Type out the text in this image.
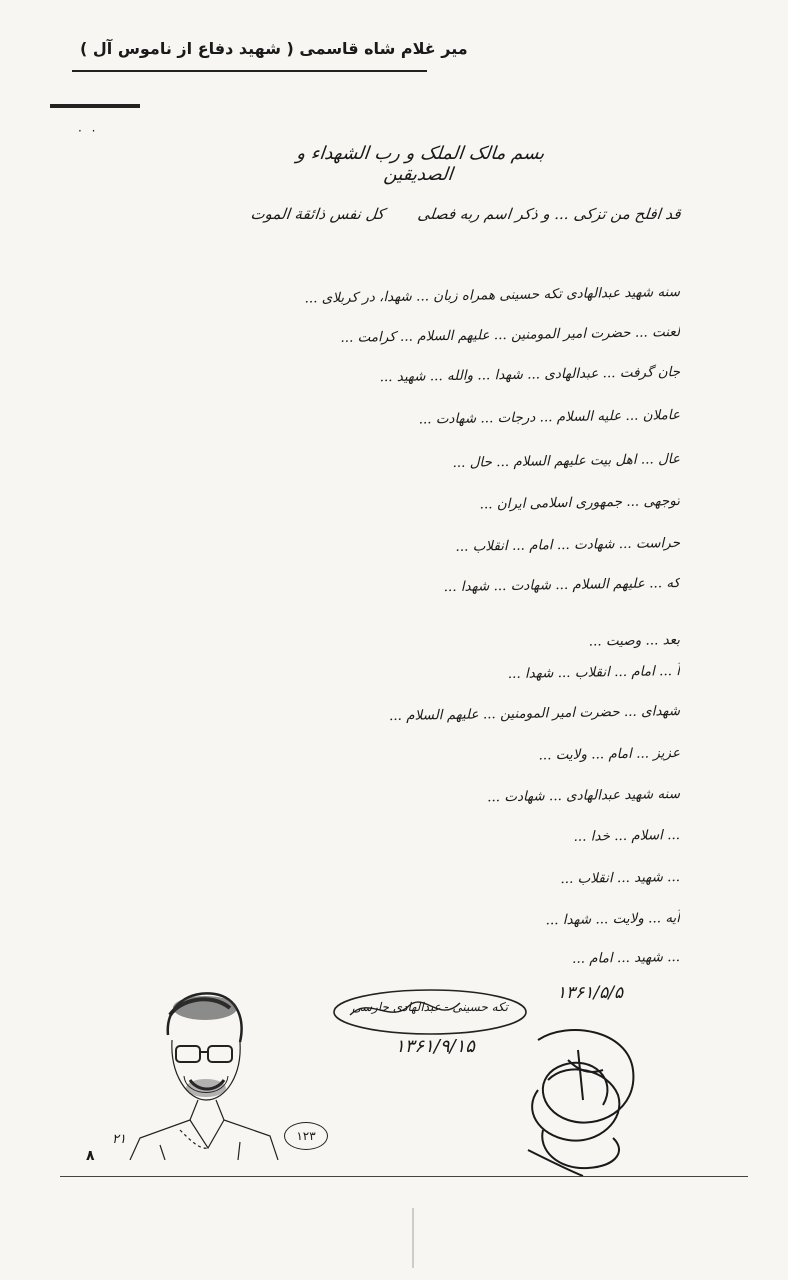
میر غلام شاه قاسمی ( شهید دفاع از ناموس آل )
· ·
بسم مالک الملک و رب الشهداء و الصدیقین
قد افلح من تزکی ... و ذکر اسم ربه فصلی
کل نفس ذائقة الموت
سنه شهید عبدالهادی تکه حسینی همراه زبان ... شهدا، در کربلای ...
لعنت ... حضرت امیر المومنین ... علیهم السلام ... کرامت ...
جان گرفت ... عبدالهادی ... شهدا ... والله ... شهید ...
عاملان ... علیه السلام ... درجات ... شهادت ...
عال ... اهل بیت علیهم السلام ... حال ...
توجهی ... جمهوری اسلامی ایران ...
حراست ... شهادت ... امام ... انقلاب ...
که ... علیهم السلام ... شهادت ... شهدا ...
بعد ... وصیت ...
آ ... امام ... انقلاب ... شهدا ...
شهدای ... حضرت امیر المومنین ... علیهم السلام ...
عزیز ... امام ... ولایت ...
سنه شهید عبدالهادی ... شهادت ...
... اسلام ... خدا ...
... شهید ... انقلاب ...
آیه ... ولایت ... شهدا ...
... شهید ... امام ...
تکه حسینی - عبدالهادی حارسی
۱۳۶۱/۵/۵
۱۳۶۱/۹/۱۵
۱۲۳
۲۱
۸
